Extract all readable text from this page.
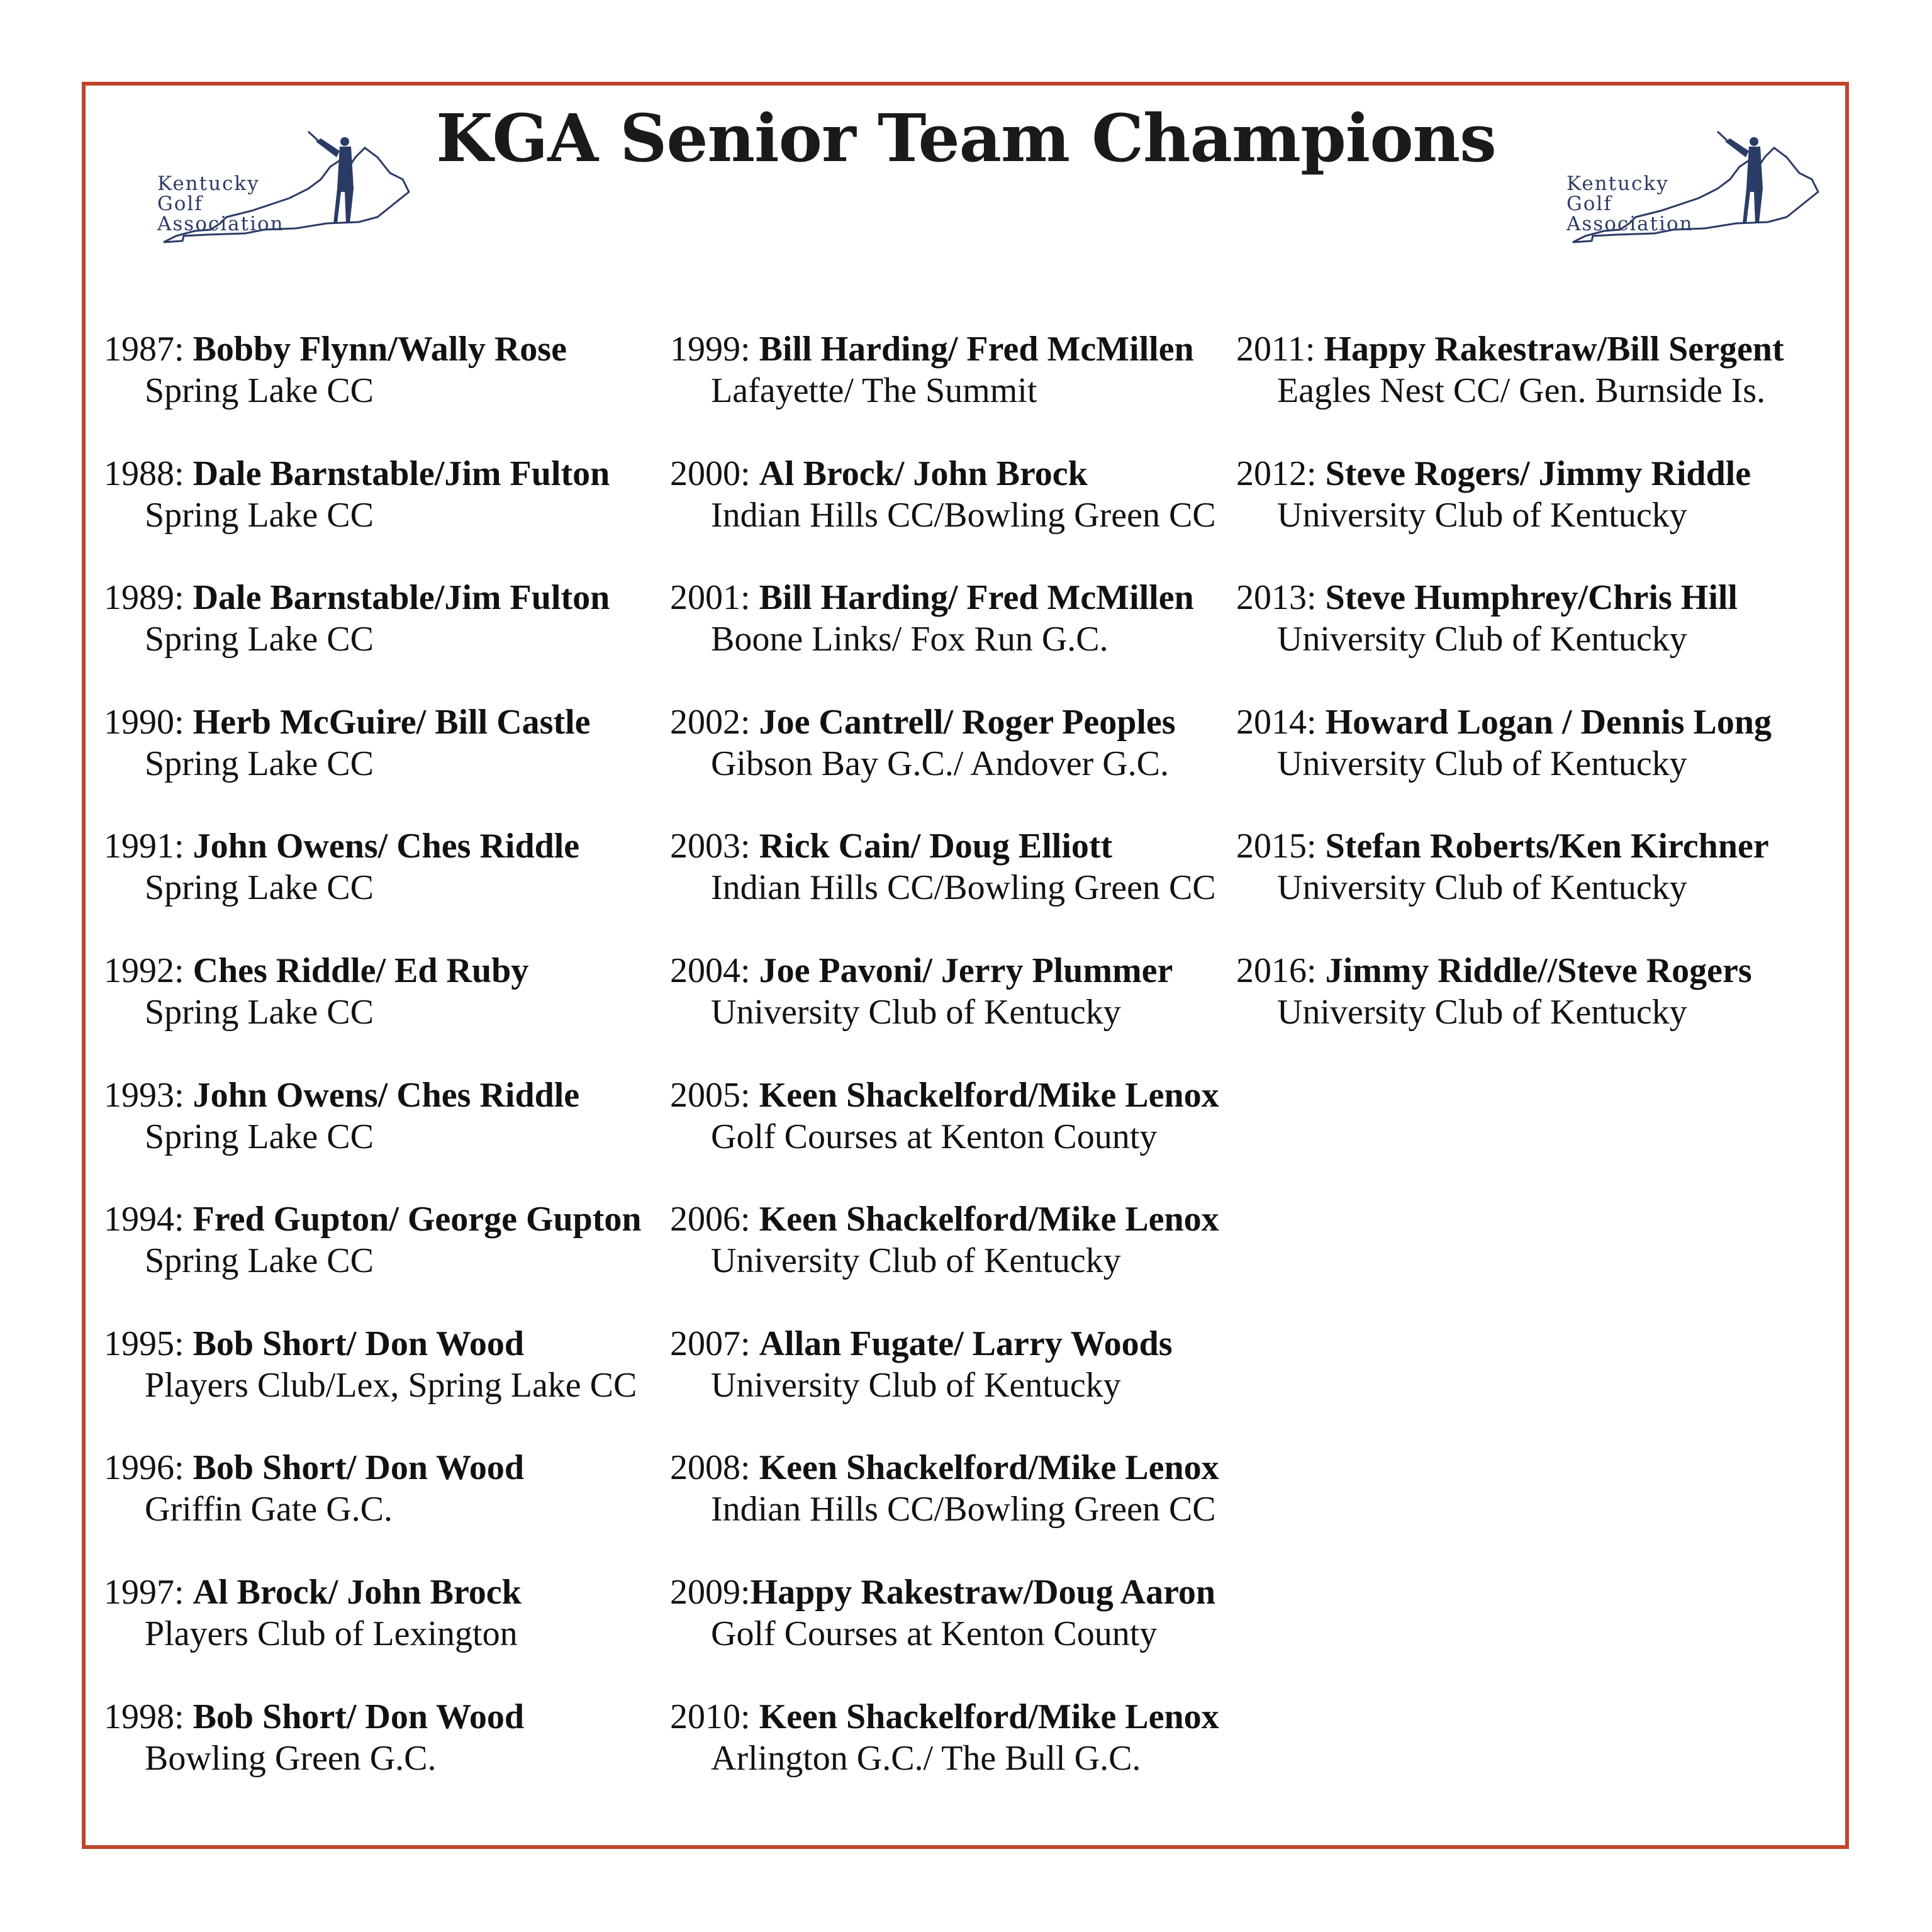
KGA Senior Team Champions
Kentucky
Golf
Association
Kentucky
Golf
Association
1987: Bobby Flynn/Wally Rose
Spring Lake CC
1988: Dale Barnstable/Jim Fulton
Spring Lake CC
1989: Dale Barnstable/Jim Fulton
Spring Lake CC
1990: Herb McGuire/ Bill Castle
Spring Lake CC
1991: John Owens/ Ches Riddle
Spring Lake CC
1992: Ches Riddle/ Ed Ruby
Spring Lake CC
1993: John Owens/ Ches Riddle
Spring Lake CC
1994: Fred Gupton/ George Gupton
Spring Lake CC
1995: Bob Short/ Don Wood
Players Club/Lex, Spring Lake CC
1996: Bob Short/ Don Wood
Griffin Gate G.C.
1997: Al Brock/ John Brock
Players Club of Lexington
1998: Bob Short/ Don Wood
Bowling Green G.C.
1999: Bill Harding/ Fred McMillen
Lafayette/ The Summit
2000: Al Brock/ John Brock
Indian Hills CC/Bowling Green CC
2001: Bill Harding/ Fred McMillen
Boone Links/ Fox Run G.C.
2002: Joe Cantrell/ Roger Peoples
Gibson Bay G.C./ Andover G.C.
2003: Rick Cain/ Doug Elliott
Indian Hills CC/Bowling Green CC
2004: Joe Pavoni/ Jerry Plummer
University Club of Kentucky
2005: Keen Shackelford/Mike Lenox
Golf Courses at Kenton County
2006: Keen Shackelford/Mike Lenox
University Club of Kentucky
2007: Allan Fugate/ Larry Woods
University Club of Kentucky
2008: Keen Shackelford/Mike Lenox
Indian Hills CC/Bowling Green CC
2009:Happy Rakestraw/Doug Aaron
Golf Courses at Kenton County
2010: Keen Shackelford/Mike Lenox
Arlington G.C./ The Bull G.C.
2011: Happy Rakestraw/Bill Sergent
Eagles Nest CC/ Gen. Burnside Is.
2012: Steve Rogers/ Jimmy Riddle
University Club of Kentucky
2013: Steve Humphrey/Chris Hill
University Club of Kentucky
2014: Howard Logan / Dennis Long
University Club of Kentucky
2015: Stefan Roberts/Ken Kirchner
University Club of Kentucky
2016: Jimmy Riddle//Steve Rogers
University Club of Kentucky
